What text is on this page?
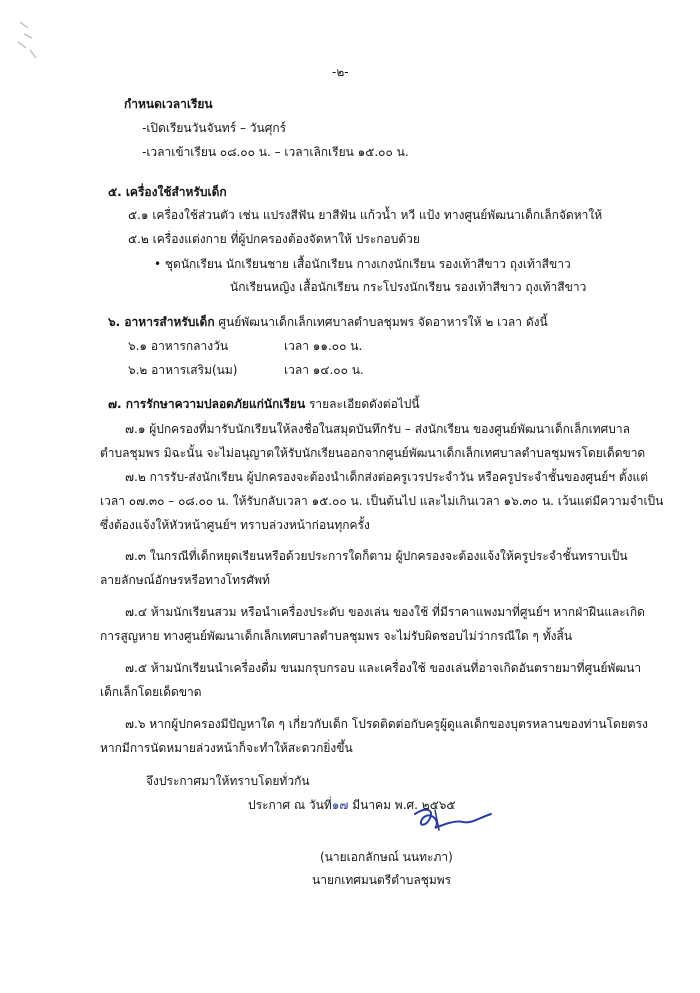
-๒-
กำหนดเวลาเรียน
-เปิดเรียนวันจันทร์ – วันศุกร์
-เวลาเข้าเรียน ๐๘.๐๐ น. – เวลาเลิกเรียน ๑๕.๐๐ น.
๕. เครื่องใช้สำหรับเด็ก
๕.๑ เครื่องใช้ส่วนตัว เช่น แปรงสีฟัน ยาสีฟัน แก้วน้ำ หวี แป้ง ทางศูนย์พัฒนาเด็กเล็กจัดหาให้
๕.๒ เครื่องแต่งกาย ที่ผู้ปกครองต้องจัดหาให้ ประกอบด้วย
• ชุดนักเรียน นักเรียนชาย เสื้อนักเรียน กางเกงนักเรียน รองเท้าสีขาว ถุงเท้าสีขาว
นักเรียนหญิง เสื้อนักเรียน กระโปรงนักเรียน รองเท้าสีขาว ถุงเท้าสีขาว
๖. อาหารสำหรับเด็ก ศูนย์พัฒนาเด็กเล็กเทศบาลตำบลชุมพร จัดอาหารให้ ๒ เวลา ดังนี้
๖.๑ อาหารกลางวัน	เวลา ๑๑.๐๐ น.
๖.๒ อาหารเสริม(นม)	เวลา ๑๔.๐๐ น.
๗. การรักษาความปลอดภัยแก่นักเรียน รายละเอียดดังต่อไปนี้
๗.๑ ผู้ปกครองที่มารับนักเรียนให้ลงชื่อในสมุดบันทึกรับ – ส่งนักเรียน ของศูนย์พัฒนาเด็กเล็กเทศบาล
ตำบลชุมพร มิฉะนั้น จะไม่อนุญาตให้รับนักเรียนออกจากศูนย์พัฒนาเด็กเล็กเทศบาลตำบลชุมพรโดยเด็ดขาด
๗.๒ การรับ-ส่งนักเรียน ผู้ปกครองจะต้องนำเด็กส่งต่อครูเวรประจำวัน หรือครูประจำชั้นของศูนย์ฯ ตั้งแต่
เวลา ๐๗.๓๐ – ๐๘.๐๐ น. ให้รับกลับเวลา ๑๕.๐๐ น. เป็นต้นไป และไม่เกินเวลา ๑๖.๓๐ น. เว้นแต่มีความจำเป็น
ซึ่งต้องแจ้งให้หัวหน้าศูนย์ฯ ทราบล่วงหน้าก่อนทุกครั้ง
๗.๓ ในกรณีที่เด็กหยุดเรียนหรือด้วยประการใดก็ตาม ผู้ปกครองจะต้องแจ้งให้ครูประจำชั้นทราบเป็น
ลายลักษณ์อักษรหรือทางโทรศัพท์
๗.๔ ห้ามนักเรียนสวม หรือนำเครื่องประดับ ของเล่น ของใช้ ที่มีราคาแพงมาที่ศูนย์ฯ หากฝ่าฝืนและเกิด
การสูญหาย ทางศูนย์พัฒนาเด็กเล็กเทศบาลตำบลชุมพร จะไม่รับผิดชอบไม่ว่ากรณีใด ๆ ทั้งสิ้น
๗.๕ ห้ามนักเรียนนำเครื่องดื่ม ขนมกรุบกรอบ และเครื่องใช้ ของเล่นที่อาจเกิดอันตรายมาที่ศูนย์พัฒนา
เด็กเล็กโดยเด็ดขาด
๗.๖ หากผู้ปกครองมีปัญหาใด ๆ เกี่ยวกับเด็ก โปรดติดต่อกับครูผู้ดูแลเด็กของบุตรหลานของท่านโดยตรง
หากมีการนัดหมายล่วงหน้าก็จะทำให้สะดวกยิ่งขึ้น
จึงประกาศมาให้ทราบโดยทั่วกัน
ประกาศ ณ วันที่๑๗ มีนาคม พ.ศ. ๒๕๖๕
(นายเอกลักษณ์ นนทะภา)
นายกเทศมนตรีตำบลชุมพร
